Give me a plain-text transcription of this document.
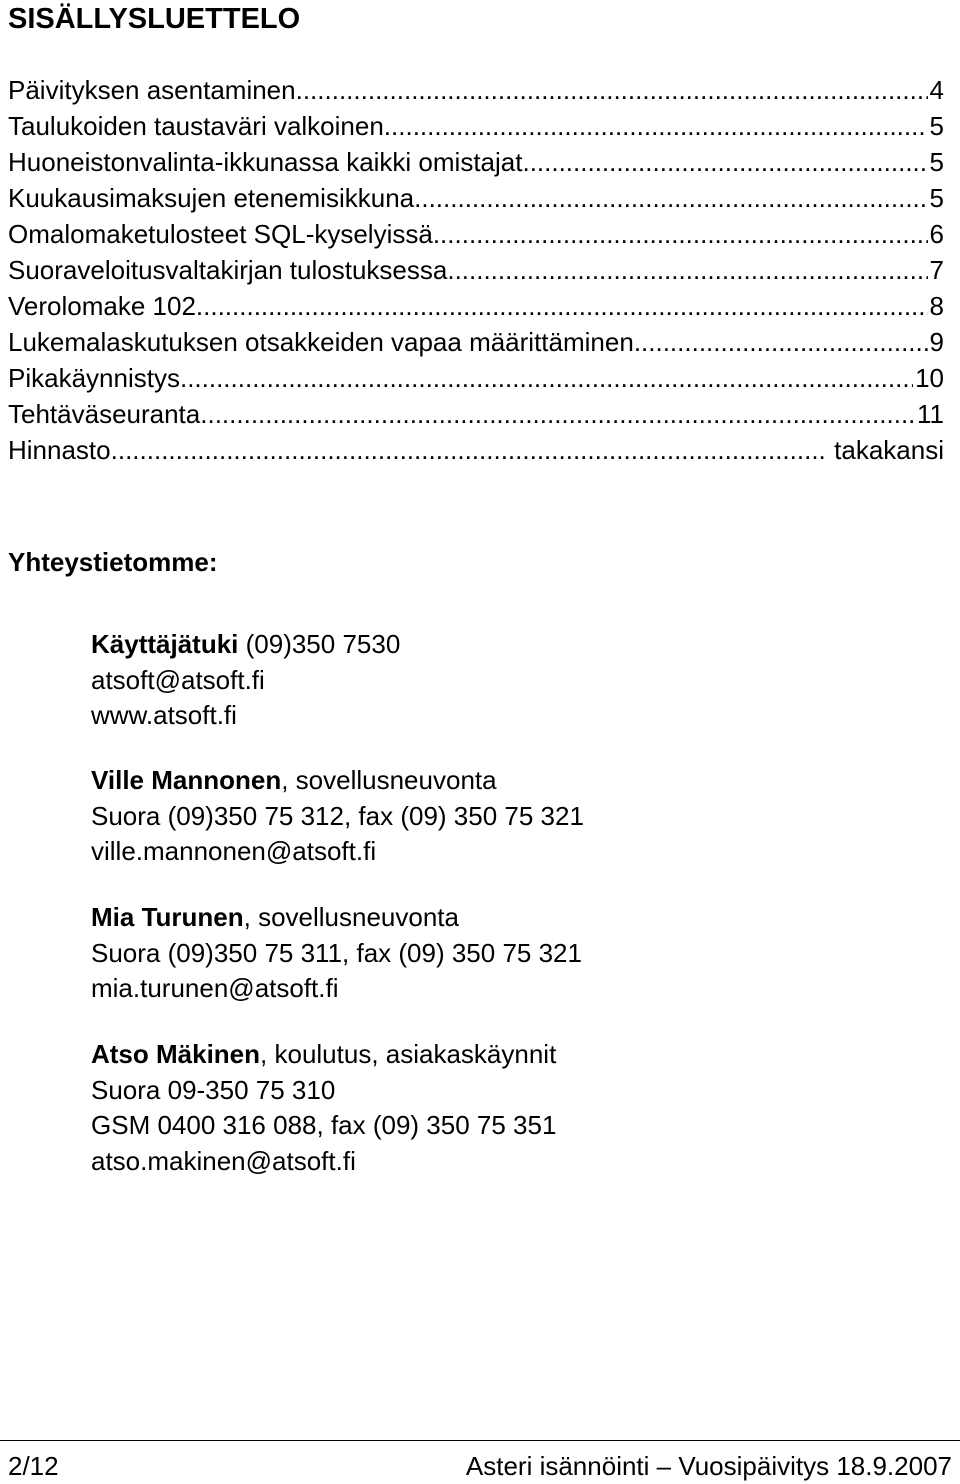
SISÄLLYSLUETTELO
Päivityksen asentaminen .....	4
Taulukoiden taustaväri valkoinen .....	5
Huoneistonvalinta-ikkunassa kaikki omistajat .....	5
Kuukausimaksujen etenemisikkuna .....	5
Omalomaketulosteet SQL-kyselyissä .....	6
Suoraveloitusvaltakirjan tulostuksessa .....	7
Verolomake 102 .....	8
Lukemalaskutuksen otsakkeiden vapaa määrittäminen .....	9
Pikakäynnistys .....	10
Tehtäväseuranta .....	11
Hinnasto .....	takakansi
Yhteystietomme:
Käyttäjätuki (09)350 7530
atsoft@atsoft.fi
www.atsoft.fi
Ville Mannonen, sovellusneuvonta
Suora (09)350 75 312, fax (09) 350 75 321
ville.mannonen@atsoft.fi
Mia Turunen, sovellusneuvonta
Suora (09)350 75 311, fax (09) 350 75 321
mia.turunen@atsoft.fi
Atso Mäkinen, koulutus, asiakaskäynnit
Suora 09-350 75 310
GSM 0400 316 088, fax (09) 350 75 351
atso.makinen@atsoft.fi
2/12	Asteri isännöinti – Vuosipäivitys 18.9.2007
